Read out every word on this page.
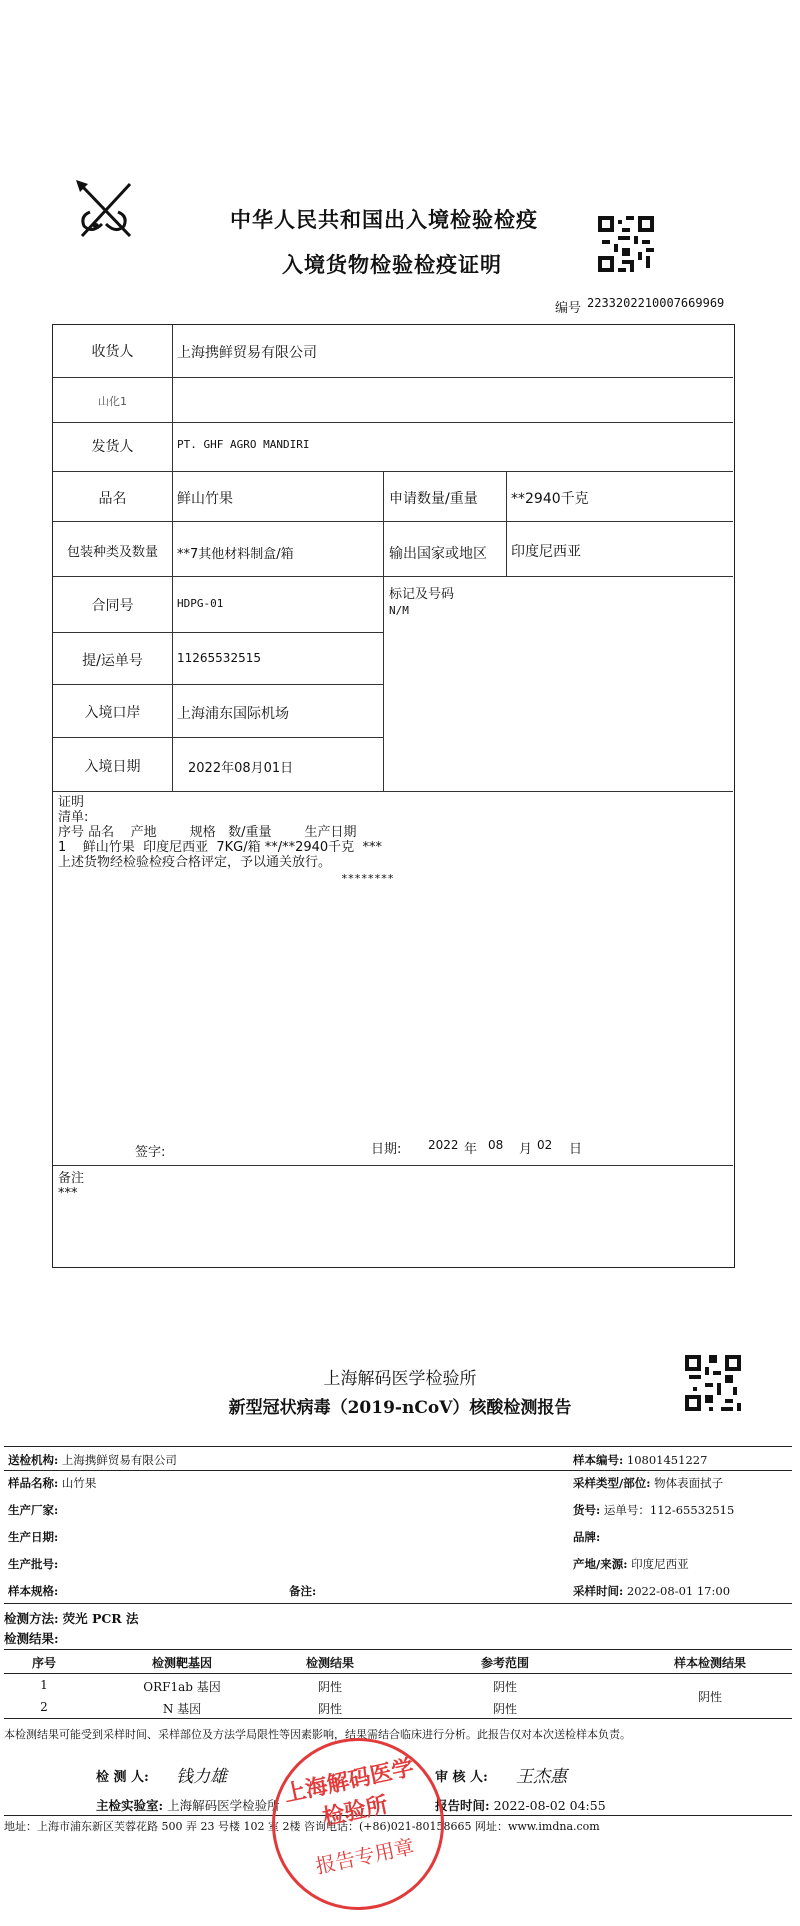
中华人民共和国出入境检验检疫
入境货物检验检疫证明
编号 2233202210007669969
收货人	上海携鲜贸易有限公司
山化1
发货人	PT. GHF AGRO MANDIRI
品名	鲜山竹果	申请数量/重量 **2940千克
包装种类及数量	**7其他材料制盒/箱	输出国家或地区 印度尼西亚
合同号	HDPG-01
标记及号码
N/M
提/运单号	11265532515
入境口岸	上海浦东国际机场
入境日期	2022年08月01日
证明
清单:
序号 品名    产地        规格   数/重量        生产日期
1    鲜山竹果  印度尼西亚  7KG/箱 **/**2940千克  ***
上述货物经检验检疫合格评定，予以通关放行。
********
签字:	日期: 2022 年 08 月 02 日
备注
***
上海解码医学检验所
新型冠状病毒（2019-nCoV）核酸检测报告
送检机构: 上海携鲜贸易有限公司	样本编号: 10801451227
样品名称: 山竹果	采样类型/部位: 物体表面拭子
生产厂家:	货号: 运单号：112-65532515
生产日期:	品牌:
生产批号:	产地/来源: 印度尼西亚
样本规格:	备注:	采样时间: 2022-08-01 17:00
检测方法: 荧光 PCR 法
检测结果:
序号	检测靶基因	检测结果	参考范围	样本检测结果
1	ORF1ab 基因	阴性	阴性
2	N 基因	阴性	阴性
阴性
本检测结果可能受到采样时间、采样部位及方法学局限性等因素影响，结果需结合临床进行分析。此报告仅对本次送检样本负责。
检 测 人: 钱力雄	审 核 人: 王杰惠
主检实验室: 上海解码医学检验所	报告时间: 2022-08-02 04:55
地址：上海市浦东新区芙蓉花路 500 弄 23 号楼 102 室 2楼 咨询电话：(+86)021-80158665 网址：www.imdna.com
上海解码医学检验所
报告专用章
